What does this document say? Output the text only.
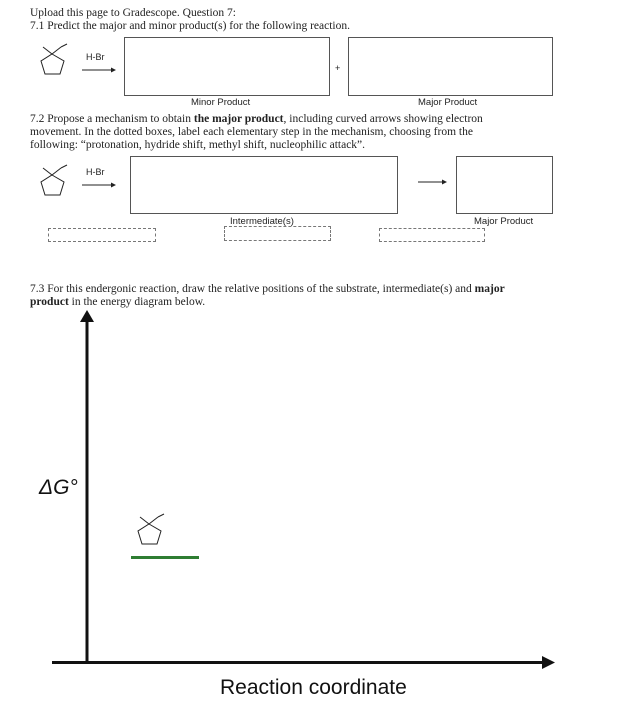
Upload this page to Gradescope. Question 7:
7.1 Predict the major and minor product(s) for the following reaction.
H-Br
+
Minor Product	Major Product
7.2 Propose a mechanism to obtain the major product, including curved arrows showing electron
movement. In the dotted boxes, label each elementary step in the mechanism, choosing from the
following: “protonation, hydride shift, methyl shift, nucleophilic attack”.
H-Br
Intermediate(s)	Major Product
7.3 For this endergonic reaction, draw the relative positions of the substrate, intermediate(s) and major
product in the energy diagram below.
ΔG°
Reaction coordinate
